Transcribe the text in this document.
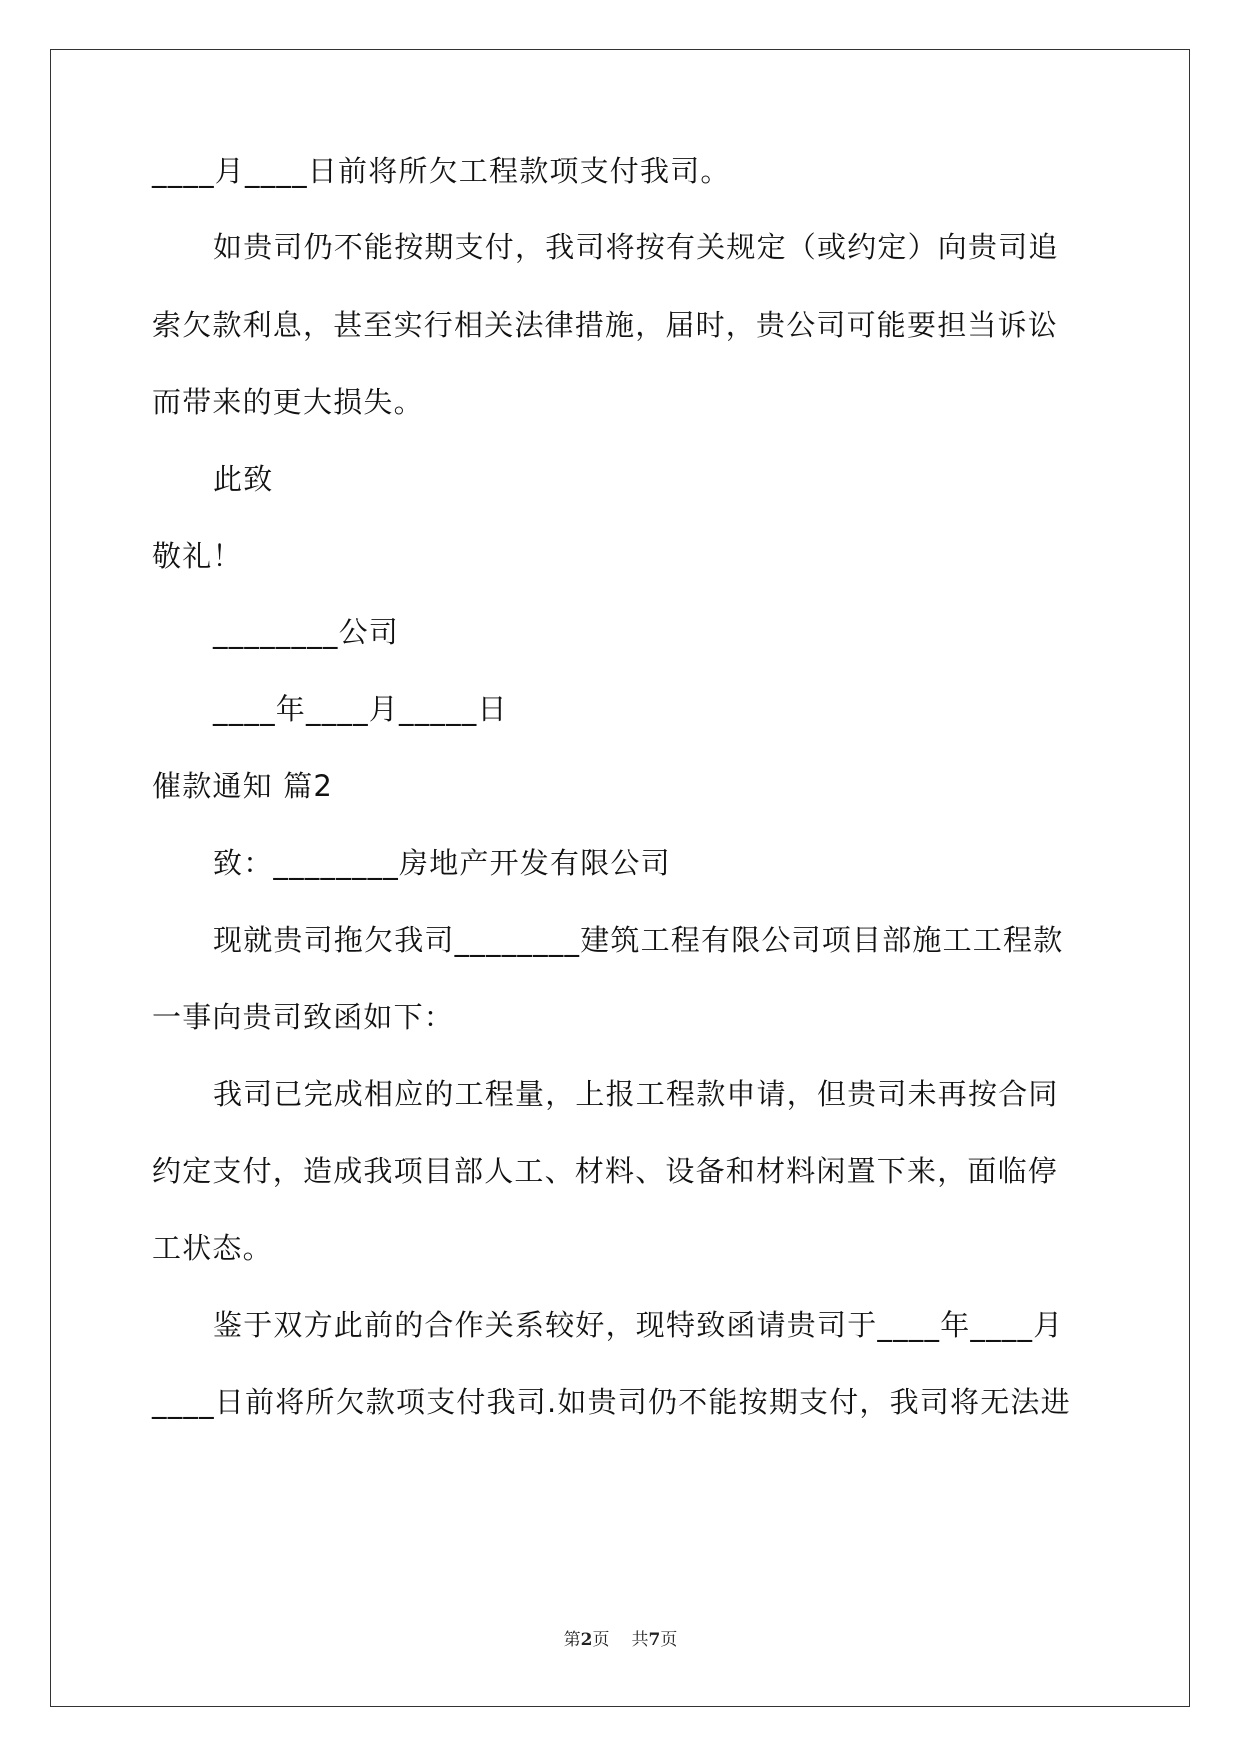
____月____日前将所欠工程款项支付我司。

如贵司仍不能按期支付，我司将按有关规定（或约定）向贵司追

索欠款利息，甚至实行相关法律措施，届时，贵公司可能要担当诉讼

而带来的更大损失。

此致

敬礼！

________公司

____年____月_____日

催款通知 篇2

致：________房地产开发有限公司

现就贵司拖欠我司________建筑工程有限公司项目部施工工程款

一事向贵司致函如下：

我司已完成相应的工程量，上报工程款申请，但贵司未再按合同

约定支付，造成我项目部人工、材料、设备和材料闲置下来，面临停

工状态。

鉴于双方此前的合作关系较好，现特致函请贵司于____年____月

____日前将所欠款项支付我司.如贵司仍不能按期支付，我司将无法进

第2页 共7页
